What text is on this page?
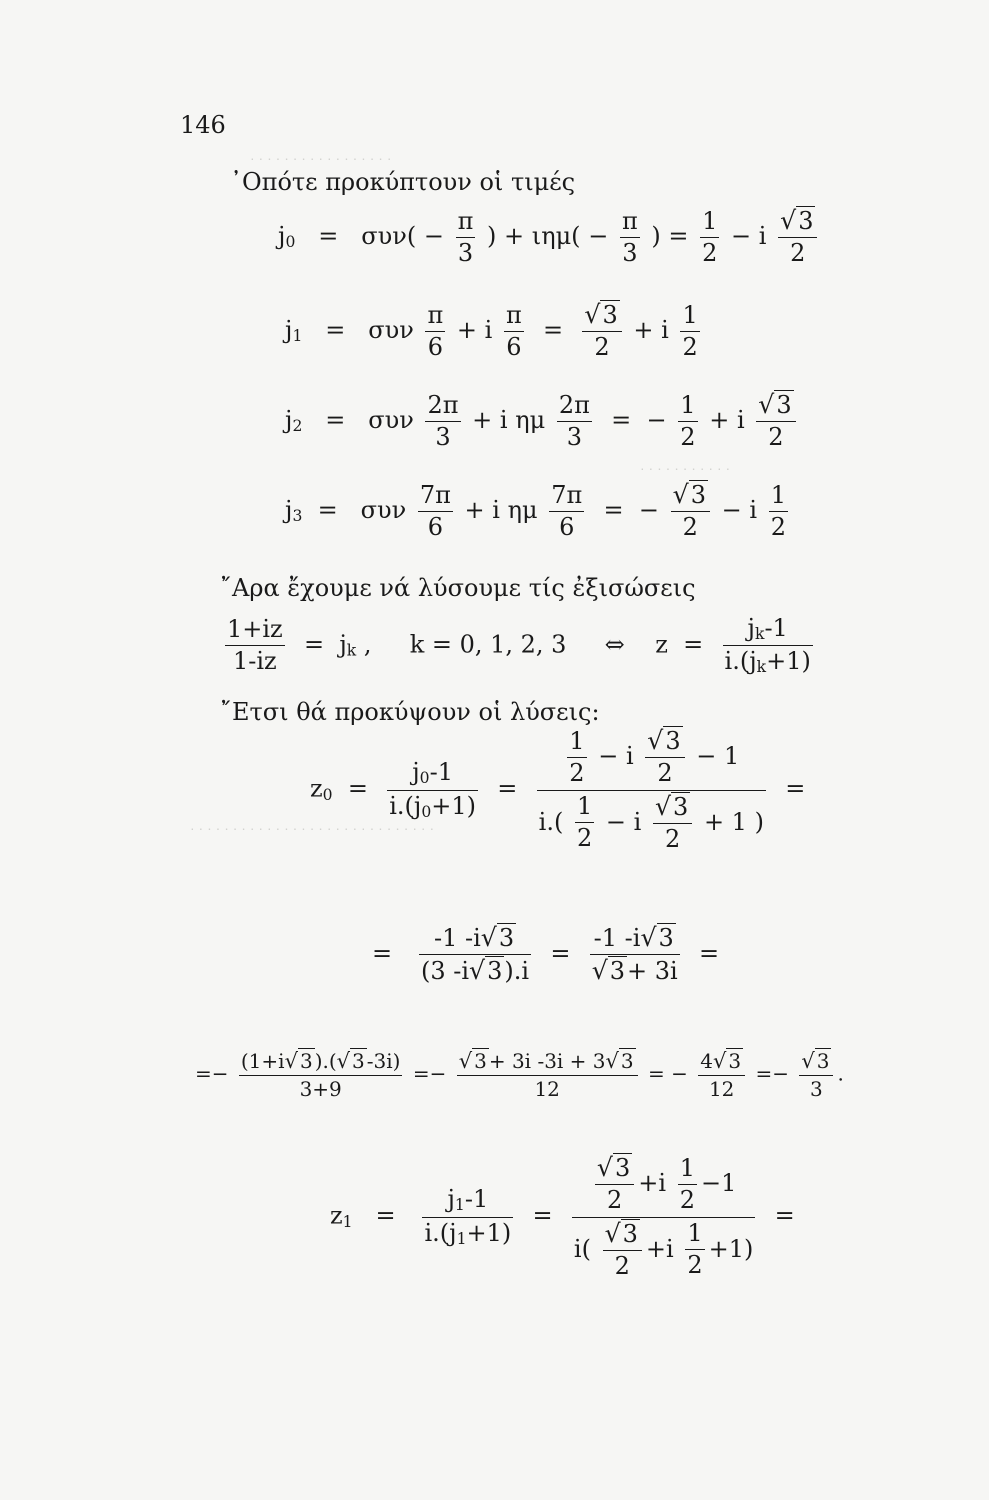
· · · · · · · · · · · · · · · · ·
· · · · · · · · · · ·
· · · · · · · · · · · · · · · · · · · · · · · · · · · · ·
146
᾽Οπότε προκύπτουν οἱ τιμές
$j_0 = \sigma\upsilon\nu( - \frac{\pi}{3}$ ) + $\iota\eta\mu( - \frac{\pi}{3}$ ) = $\frac{1}{2} - i \frac{√3}{2}$
$j_1 = \sigma\upsilon\nu \frac{\pi}{6} + i \frac{\pi}{6} = \frac{√3}{2} + i \frac{1}{2}$
$j_2 = \sigma\upsilon\nu \frac{2\pi}{3} + i$ ημ $\frac{2\pi}{3}$ = − $\frac{1}{2} + i \frac{√3}{2}$
$j_3 = \sigma\upsilon\nu \frac{7\pi}{6} + i$ ημ $\frac{7\pi}{6}$ = − $\frac{√3}{2} - i \frac{1}{2}$
῎Αρα ἔχουμε νά λύσουμε τίς ἐξισώσεις
$\frac{1+iz}{1-iz} = j_k$ , k = 0, 1, 2, 3 ⇔ $z = \frac{j_k-1}{i.(j_k+1)}$
῎Ετσι θά προκύψουν οἱ λύσεις:
$z_0 = \frac{j_0-1}{i.(j_0+1)} = \frac{\frac{1}{2} - i \frac{√3}{2} - 1}{i.( \frac{1}{2} - i \frac{√3}{2} + 1 )}$ =
= $\frac{-1 -i√3}{(3 -i√3).i} = \frac{-1 -i√3}{√3+ 3i}$ =
=− $\frac{(1+i√ 3 ).(√ 3 -3i)}{3+9} =- \frac{√ 3 + 3i -3i + 3√ 3}{12}$ = − $\frac{4√ 3}{12} =- \frac{√ 3}{3}$ .
$z_1 = \frac{j_1-1}{i.(j_1+1)} = \frac{\frac{√3}{2} +i \frac{1}{2} -1}{i( \frac{√3}{2} +i \frac{1}{2} +1)}$ =
